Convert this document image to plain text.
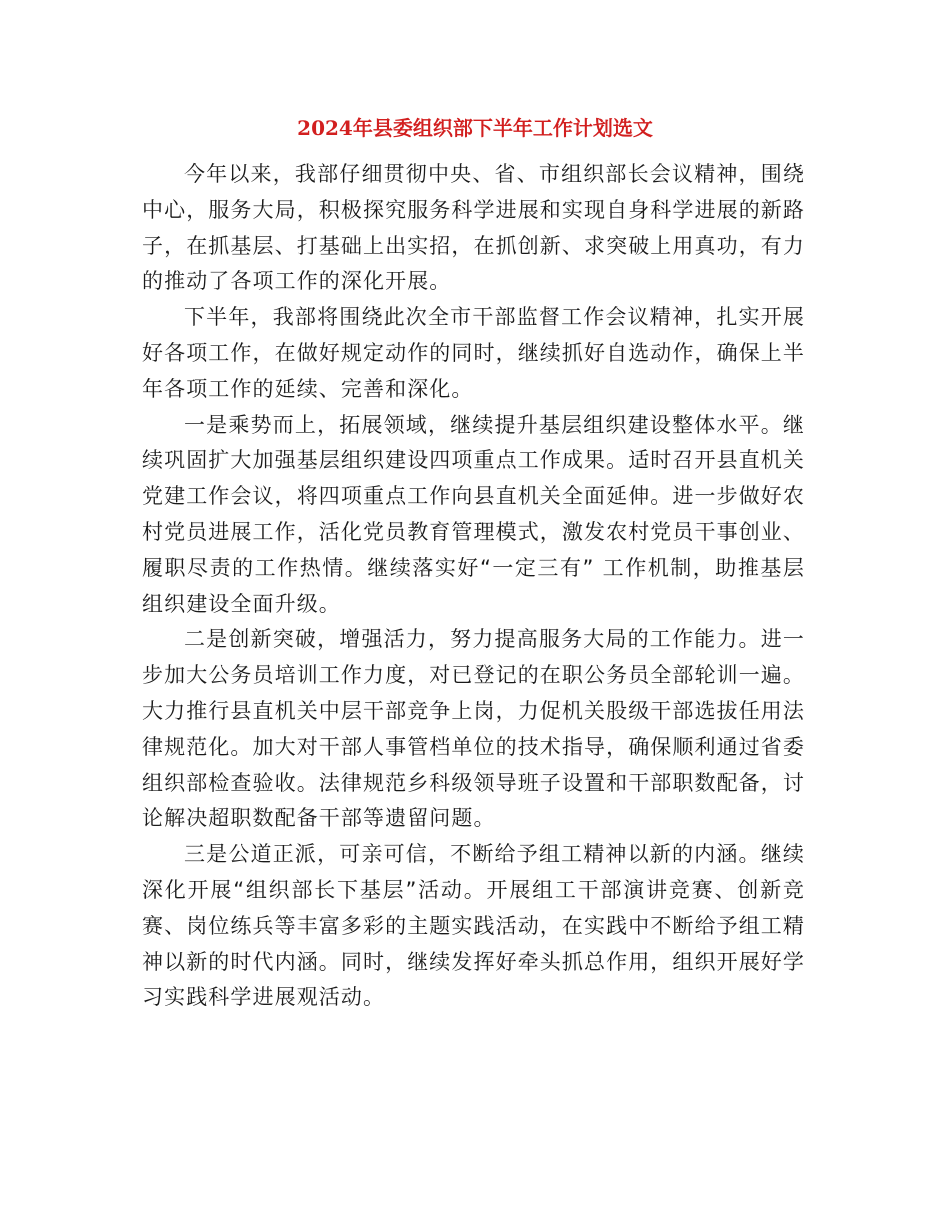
2024年县委组织部下半年工作计划选文

今年以来，我部仔细贯彻中央、省、市组织部长会议精神，围绕中心，服务大局，积极探究服务科学进展和实现自身科学进展的新路子，在抓基层、打基础上出实招，在抓创新、求突破上用真功，有力的推动了各项工作的深化开展。

下半年，我部将围绕此次全市干部监督工作会议精神，扎实开展好各项工作，在做好规定动作的同时，继续抓好自选动作，确保上半年各项工作的延续、完善和深化。

一是乘势而上，拓展领域，继续提升基层组织建设整体水平。继续巩固扩大加强基层组织建设四项重点工作成果。适时召开县直机关党建工作会议，将四项重点工作向县直机关全面延伸。进一步做好农村党员进展工作，活化党员教育管理模式，激发农村党员干事创业、履职尽责的工作热情。继续落实好“一定三有” 工作机制，助推基层组织建设全面升级。

二是创新突破，增强活力，努力提高服务大局的工作能力。进一步加大公务员培训工作力度，对已登记的在职公务员全部轮训一遍。大力推行县直机关中层干部竞争上岗，力促机关股级干部选拔任用法律规范化。加大对干部人事管档单位的技术指导，确保顺利通过省委组织部检查验收。法律规范乡科级领导班子设置和干部职数配备，讨论解决超职数配备干部等遗留问题。

三是公道正派，可亲可信，不断给予组工精神以新的内涵。继续深化开展“组织部长下基层”活动。开展组工干部演讲竞赛、创新竞赛、岗位练兵等丰富多彩的主题实践活动，在实践中不断给予组工精神以新的时代内涵。同时，继续发挥好牵头抓总作用，组织开展好学习实践科学进展观活动。
